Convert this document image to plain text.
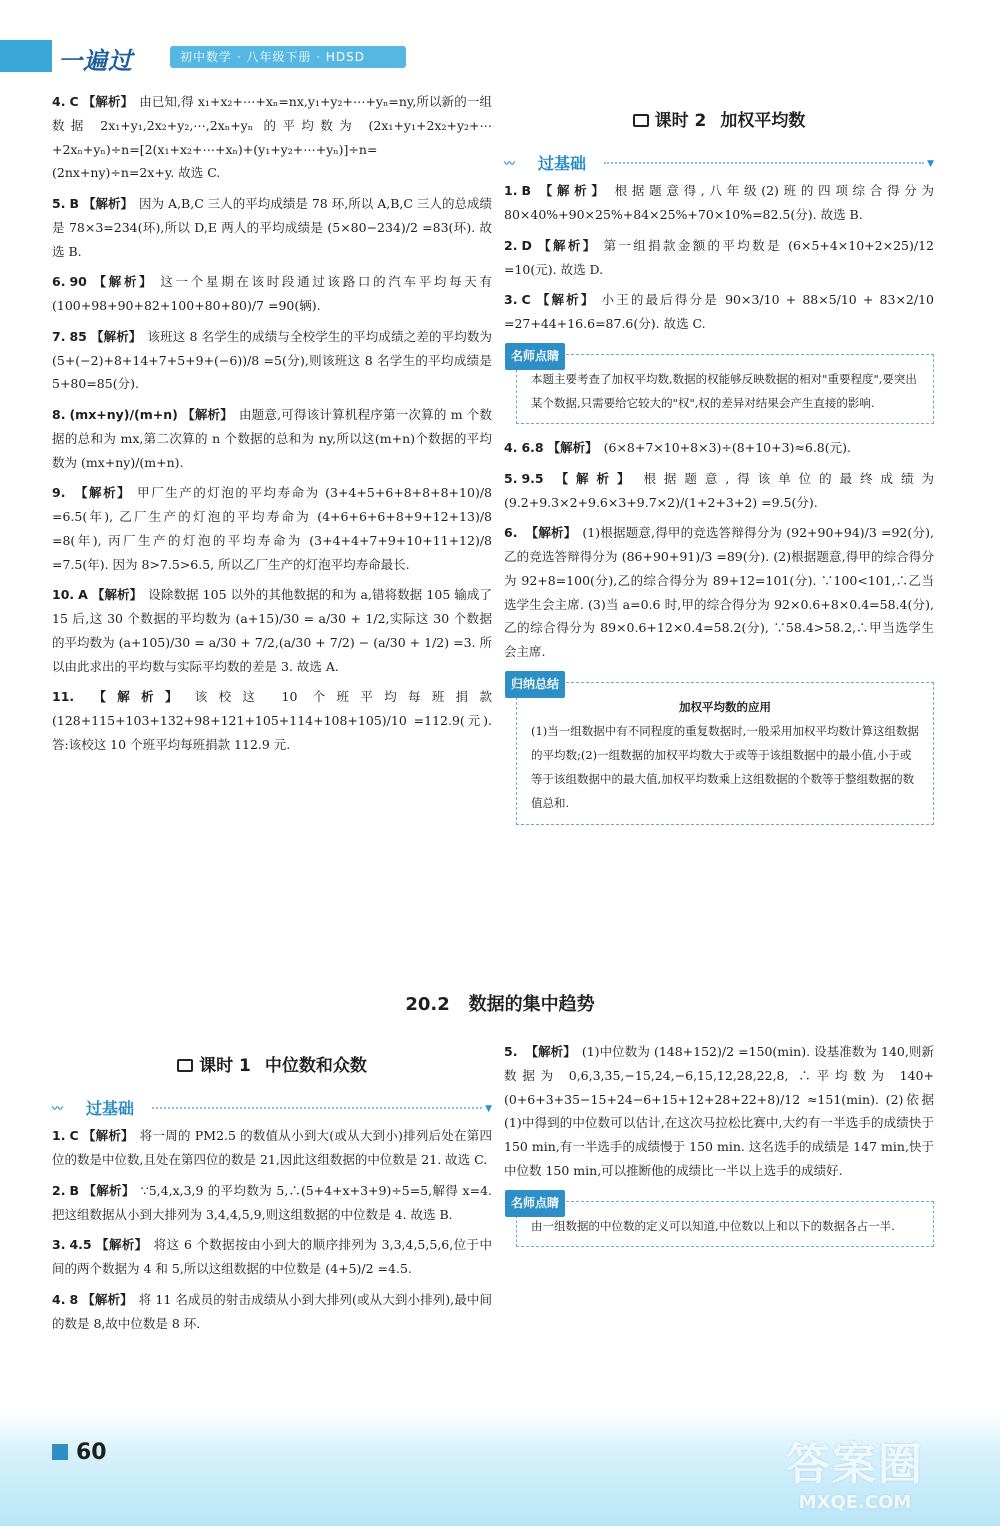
一遍过	初中数学 · 八年级下册 · HDSD
4. C 【解析】 由已知,得 x₁+x₂+⋯+xₙ=nx,y₁+y₂+⋯+yₙ=ny,所以新的一组数据 2x₁+y₁,2x₂+y₂,⋯,2xₙ+yₙ 的平均数为 (2x₁+y₁+2x₂+y₂+⋯+2xₙ+yₙ)÷n=[2(x₁+x₂+⋯+xₙ)+(y₁+y₂+⋯+yₙ)]÷n=(2nx+ny)÷n=2x+y. 故选 C.
5. B 【解析】 因为 A,B,C 三人的平均成绩是 78 环,所以 A,B,C 三人的总成绩是 78×3=234(环),所以 D,E 两人的平均成绩是 (5×80−234)/2 =83(环). 故选 B.
6. 90 【解析】 这一个星期在该时段通过该路口的汽车平均每天有 (100+98+90+82+100+80+80)/7 =90(辆).
7. 85 【解析】 该班这 8 名学生的成绩与全校学生的平均成绩之差的平均数为 (5+(−2)+8+14+7+5+9+(−6))/8 =5(分),则该班这 8 名学生的平均成绩是 5+80=85(分).
8. (mx+ny)/(m+n) 【解析】 由题意,可得该计算机程序第一次算的 m 个数据的总和为 mx,第二次算的 n 个数据的总和为 ny,所以这(m+n)个数据的平均数为 (mx+ny)/(m+n).
9. 【解析】 甲厂生产的灯泡的平均寿命为 (3+4+5+6+8+8+8+10)/8 =6.5(年), 乙厂生产的灯泡的平均寿命为 (4+6+6+6+8+9+12+13)/8 =8(年), 丙厂生产的灯泡的平均寿命为 (3+4+4+7+9+10+11+12)/8 =7.5(年). 因为 8>7.5>6.5, 所以乙厂生产的灯泡平均寿命最长.
10. A 【解析】 设除数据 105 以外的其他数据的和为 a,错将数据 105 输成了 15 后,这 30 个数据的平均数为 (a+15)/30 = a/30 + 1/2,实际这 30 个数据的平均数为 (a+105)/30 = a/30 + 7/2,(a/30 + 7/2) − (a/30 + 1/2) =3. 所以由此求出的平均数与实际平均数的差是 3. 故选 A.
11. 【解析】 该校这 10 个班平均每班捐款 (128+115+103+132+98+121+105+114+108+105)/10 =112.9(元). 答:该校这 10 个班平均每班捐款 112.9 元.
课时 2 加权平均数
〰 过基础	▼
1. B 【解析】 根据题意得,八年级(2)班的四项综合得分为 80×40%+90×25%+84×25%+70×10%=82.5(分). 故选 B.
2. D 【解析】 第一组捐款金额的平均数是 (6×5+4×10+2×25)/12 =10(元). 故选 D.
3. C 【解析】 小王的最后得分是 90×3/10 + 88×5/10 + 83×2/10 =27+44+16.6=87.6(分). 故选 C.
名师点睛
本题主要考查了加权平均数,数据的权能够反映数据的相对"重要程度",要突出某个数据,只需要给它较大的"权",权的差异对结果会产生直接的影响.
4. 6.8 【解析】 (6×8+7×10+8×3)÷(8+10+3)≈6.8(元).
5. 9.5 【解析】 根据题意,得该单位的最终成绩为 (9.2+9.3×2+9.6×3+9.7×2)/(1+2+3+2) =9.5(分).
6. 【解析】 (1)根据题意,得甲的竞选答辩得分为 (92+90+94)/3 =92(分), 乙的竞选答辩得分为 (86+90+91)/3 =89(分). (2)根据题意,得甲的综合得分为 92+8=100(分),乙的综合得分为 89+12=101(分). ∵100<101,∴乙当选学生会主席. (3)当 a=0.6 时,甲的综合得分为 92×0.6+8×0.4=58.4(分), 乙的综合得分为 89×0.6+12×0.4=58.2(分), ∵58.4>58.2,∴甲当选学生会主席.
归纳总结
加权平均数的应用
(1)当一组数据中有不同程度的重复数据时,一般采用加权平均数计算这组数据的平均数;(2)一组数据的加权平均数大于或等于该组数据中的最小值,小于或等于该组数据中的最大值,加权平均数乘上这组数据的个数等于整组数据的数值总和.
20.2 数据的集中趋势
课时 1 中位数和众数
〰 过基础	▼
1. C 【解析】 将一周的 PM2.5 的数值从小到大(或从大到小)排列后处在第四位的数是中位数,且处在第四位的数是 21,因此这组数据的中位数是 21. 故选 C.
2. B 【解析】 ∵5,4,x,3,9 的平均数为 5,∴(5+4+x+3+9)÷5=5,解得 x=4. 把这组数据从小到大排列为 3,4,4,5,9,则这组数据的中位数是 4. 故选 B.
3. 4.5 【解析】 将这 6 个数据按由小到大的顺序排列为 3,3,4,5,5,6,位于中间的两个数据为 4 和 5,所以这组数据的中位数是 (4+5)/2 =4.5.
4. 8 【解析】 将 11 名成员的射击成绩从小到大排列(或从大到小排列),最中间的数是 8,故中位数是 8 环.
5. 【解析】 (1)中位数为 (148+152)/2 =150(min). 设基准数为 140,则新数据为 0,6,3,35,−15,24,−6,15,12,28,22,8, ∴平均数为 140+ (0+6+3+35−15+24−6+15+12+28+22+8)/12 ≈151(min). (2)依据(1)中得到的中位数可以估计,在这次马拉松比赛中,大约有一半选手的成绩快于 150 min,有一半选手的成绩慢于 150 min. 这名选手的成绩是 147 min,快于中位数 150 min,可以推断他的成绩比一半以上选手的成绩好.
名师点睛
由一组数据的中位数的定义可以知道,中位数以上和以下的数据各占一半.
60	答案圈
MXQE.COM
